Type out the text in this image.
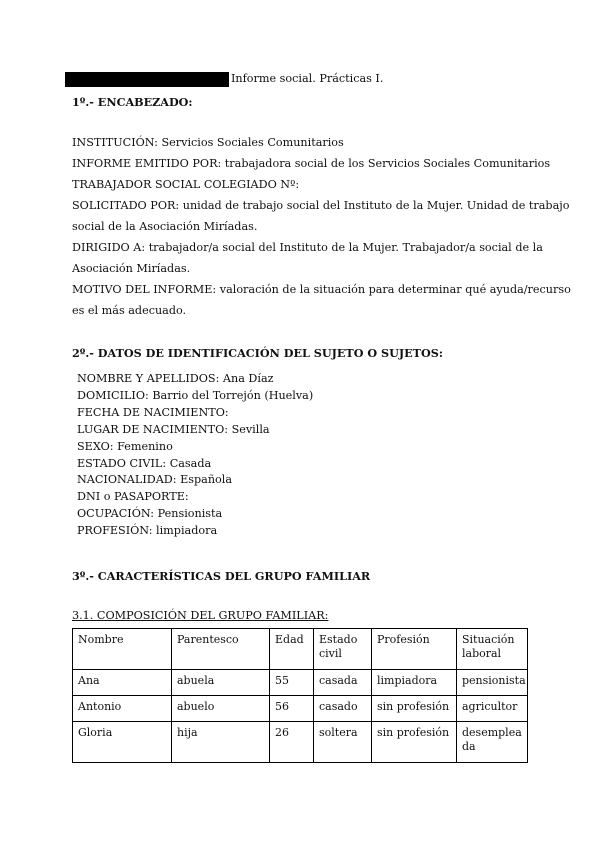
Informe social. Prácticas I.
1º.- ENCABEZADO:
INSTITUCIÓN: Servicios Sociales Comunitarios
INFORME EMITIDO POR: trabajadora social de los Servicios Sociales Comunitarios
TRABAJADOR SOCIAL COLEGIADO Nº:
SOLICITADO POR: unidad de trabajo social del Instituto de la Mujer. Unidad de trabajo
social de la Asociación Miríadas.
DIRIGIDO A: trabajador/a social del Instituto de la Mujer. Trabajador/a social de la
Asociación Miríadas.
MOTIVO DEL INFORME: valoración de la situación para determinar qué ayuda/recurso
es el más adecuado.
2º.- DATOS DE IDENTIFICACIÓN DEL SUJETO O SUJETOS:
NOMBRE Y APELLIDOS: Ana Díaz
DOMICILIO: Barrio del Torrejón (Huelva)
FECHA DE NACIMIENTO:
LUGAR DE NACIMIENTO: Sevilla
SEXO: Femenino
ESTADO CIVIL: Casada
NACIONALIDAD: Española
DNI o PASAPORTE:
OCUPACIÓN: Pensionista
PROFESIÓN: limpiadora
3º.- CARACTERÍSTICAS DEL GRUPO FAMILIAR
3.1. COMPOSICIÓN DEL GRUPO FAMILIAR:
Nombre	Parentesco	Edad	Estado civil	Profesión	Situación laboral
Ana	abuela	55	casada	limpiadora	pensionista
Antonio	abuelo	56	casado	sin profesión	agricultor
Gloria	hija	26	soltera	sin profesión	desempleada
